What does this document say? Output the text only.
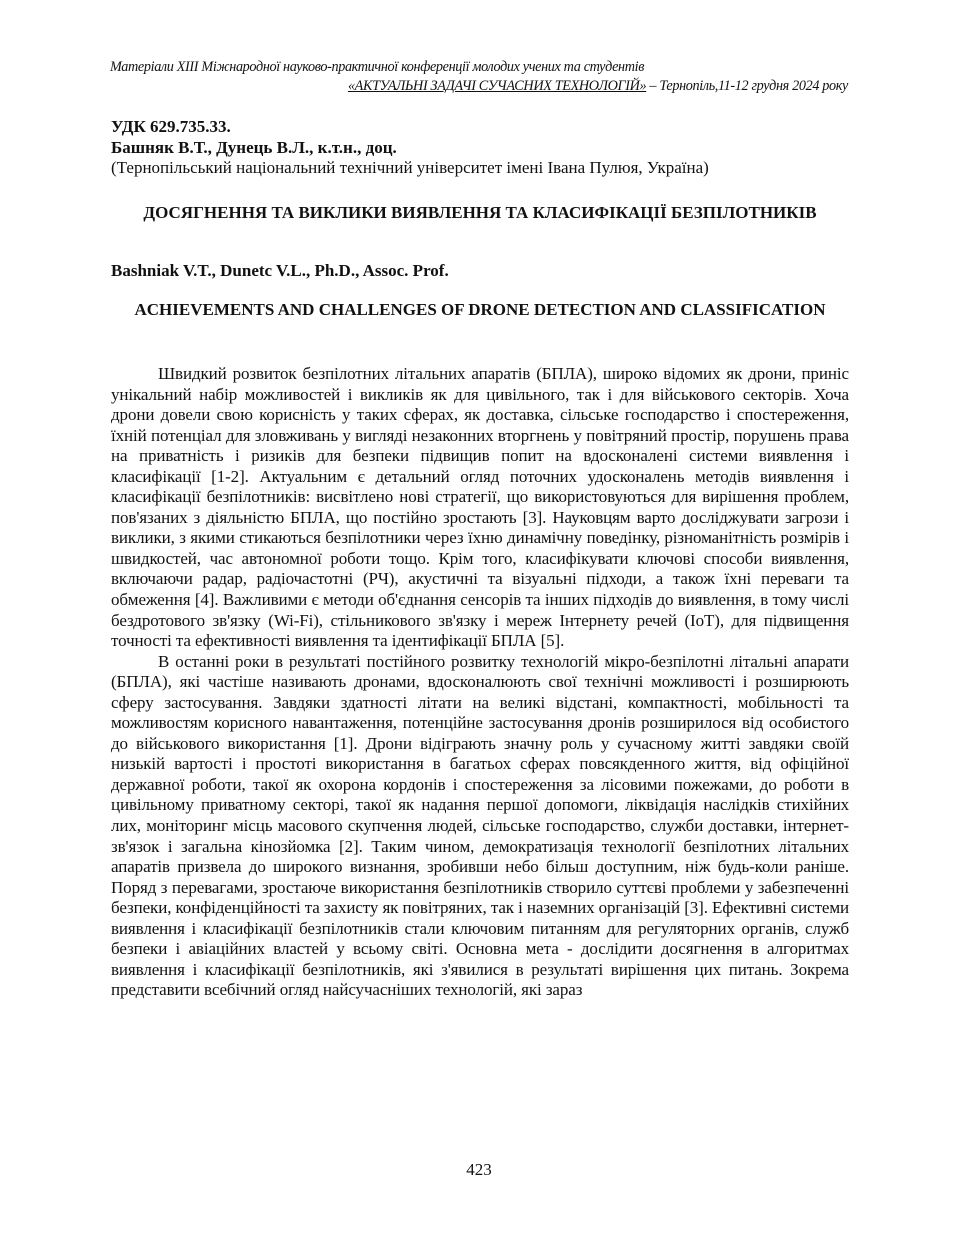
Матеріали XIII Міжнародної науково-практичної конференції молодих учених та студентів
«АКТУАЛЬНІ ЗАДАЧІ СУЧАСНИХ ТЕХНОЛОГІЙ» – Тернопіль,11-12 грудня 2024 року
УДК 629.735.33.
Башняк В.Т., Дунець В.Л., к.т.н., доц.
(Тернопільський національний технічний університет імені Івана Пулюя, Україна)
ДОСЯГНЕННЯ ТА ВИКЛИКИ ВИЯВЛЕННЯ ТА КЛАСИФІКАЦІЇ БЕЗПІЛОТНИКІВ
Bashniak V.T., Dunetc V.L., Ph.D., Assoc. Prof.
ACHIEVEMENTS AND CHALLENGES OF DRONE DETECTION AND CLASSIFICATION

Швидкий розвиток безпілотних літальних апаратів (БПЛА), широко відомих як дрони, приніс унікальний набір можливостей і викликів як для цивільного, так і для військового секторів. Хоча дрони довели свою корисність у таких сферах, як доставка, сільське господарство і спостереження, їхній потенціал для зловживань у вигляді незаконних вторгнень у повітряний простір, порушень права на приватність і ризиків для безпеки підвищив попит на вдосконалені системи виявлення і класифікації [1-2]. Актуальним є детальний огляд поточних удосконалень методів виявлення і класифікації безпілотників: висвітлено нові стратегії, що використовуються для вирішення проблем, пов'язаних з діяльністю БПЛА, що постійно зростають [3]. Науковцям варто досліджувати загрози і виклики, з якими стикаються безпілотники через їхню динамічну поведінку, різноманітність розмірів і швидкостей, час автономної роботи тощо. Крім того, класифікувати ключові способи виявлення, включаючи радар, радіочастотні (РЧ), акустичні та візуальні підходи, а також їхні переваги та обмеження [4]. Важливими є методи об'єднання сенсорів та інших підходів до виявлення, в тому числі бездротового зв'язку (Wi-Fi), стільникового зв'язку і мереж Інтернету речей (IoT), для підвищення точності та ефективності виявлення та ідентифікації БПЛА [5].

В останні роки в результаті постійного розвитку технологій мікро-безпілотні літальні апарати (БПЛА), які частіше називають дронами, вдосконалюють свої технічні можливості і розширюють сферу застосування. Завдяки здатності літати на великі відстані, компактності, мобільності та можливостям корисного навантаження, потенційне застосування дронів розширилося від особистого до військового використання [1]. Дрони відіграють значну роль у сучасному житті завдяки своїй низькій вартості і простоті використання в багатьох сферах повсякденного життя, від офіційної державної роботи, такої як охорона кордонів і спостереження за лісовими пожежами, до роботи в цивільному приватному секторі, такої як надання першої допомоги, ліквідація наслідків стихійних лих, моніторинг місць масового скупчення людей, сільське господарство, служби доставки, інтернет-зв'язок і загальна кінозйомка [2]. Таким чином, демократизація технології безпілотних літальних апаратів призвела до широкого визнання, зробивши небо більш доступним, ніж будь-коли раніше. Поряд з перевагами, зростаюче використання безпілотників створило суттєві проблеми у забезпеченні безпеки, конфіденційності та захисту як повітряних, так і наземних організацій [3]. Ефективні системи виявлення і класифікації безпілотників стали ключовим питанням для регуляторних органів, служб безпеки і авіаційних властей у всьому світі. Основна мета - дослідити досягнення в алгоритмах виявлення і класифікації безпілотників, які з'явилися в результаті вирішення цих питань. Зокрема представити всебічний огляд найсучасніших технологій, які зараз

423
